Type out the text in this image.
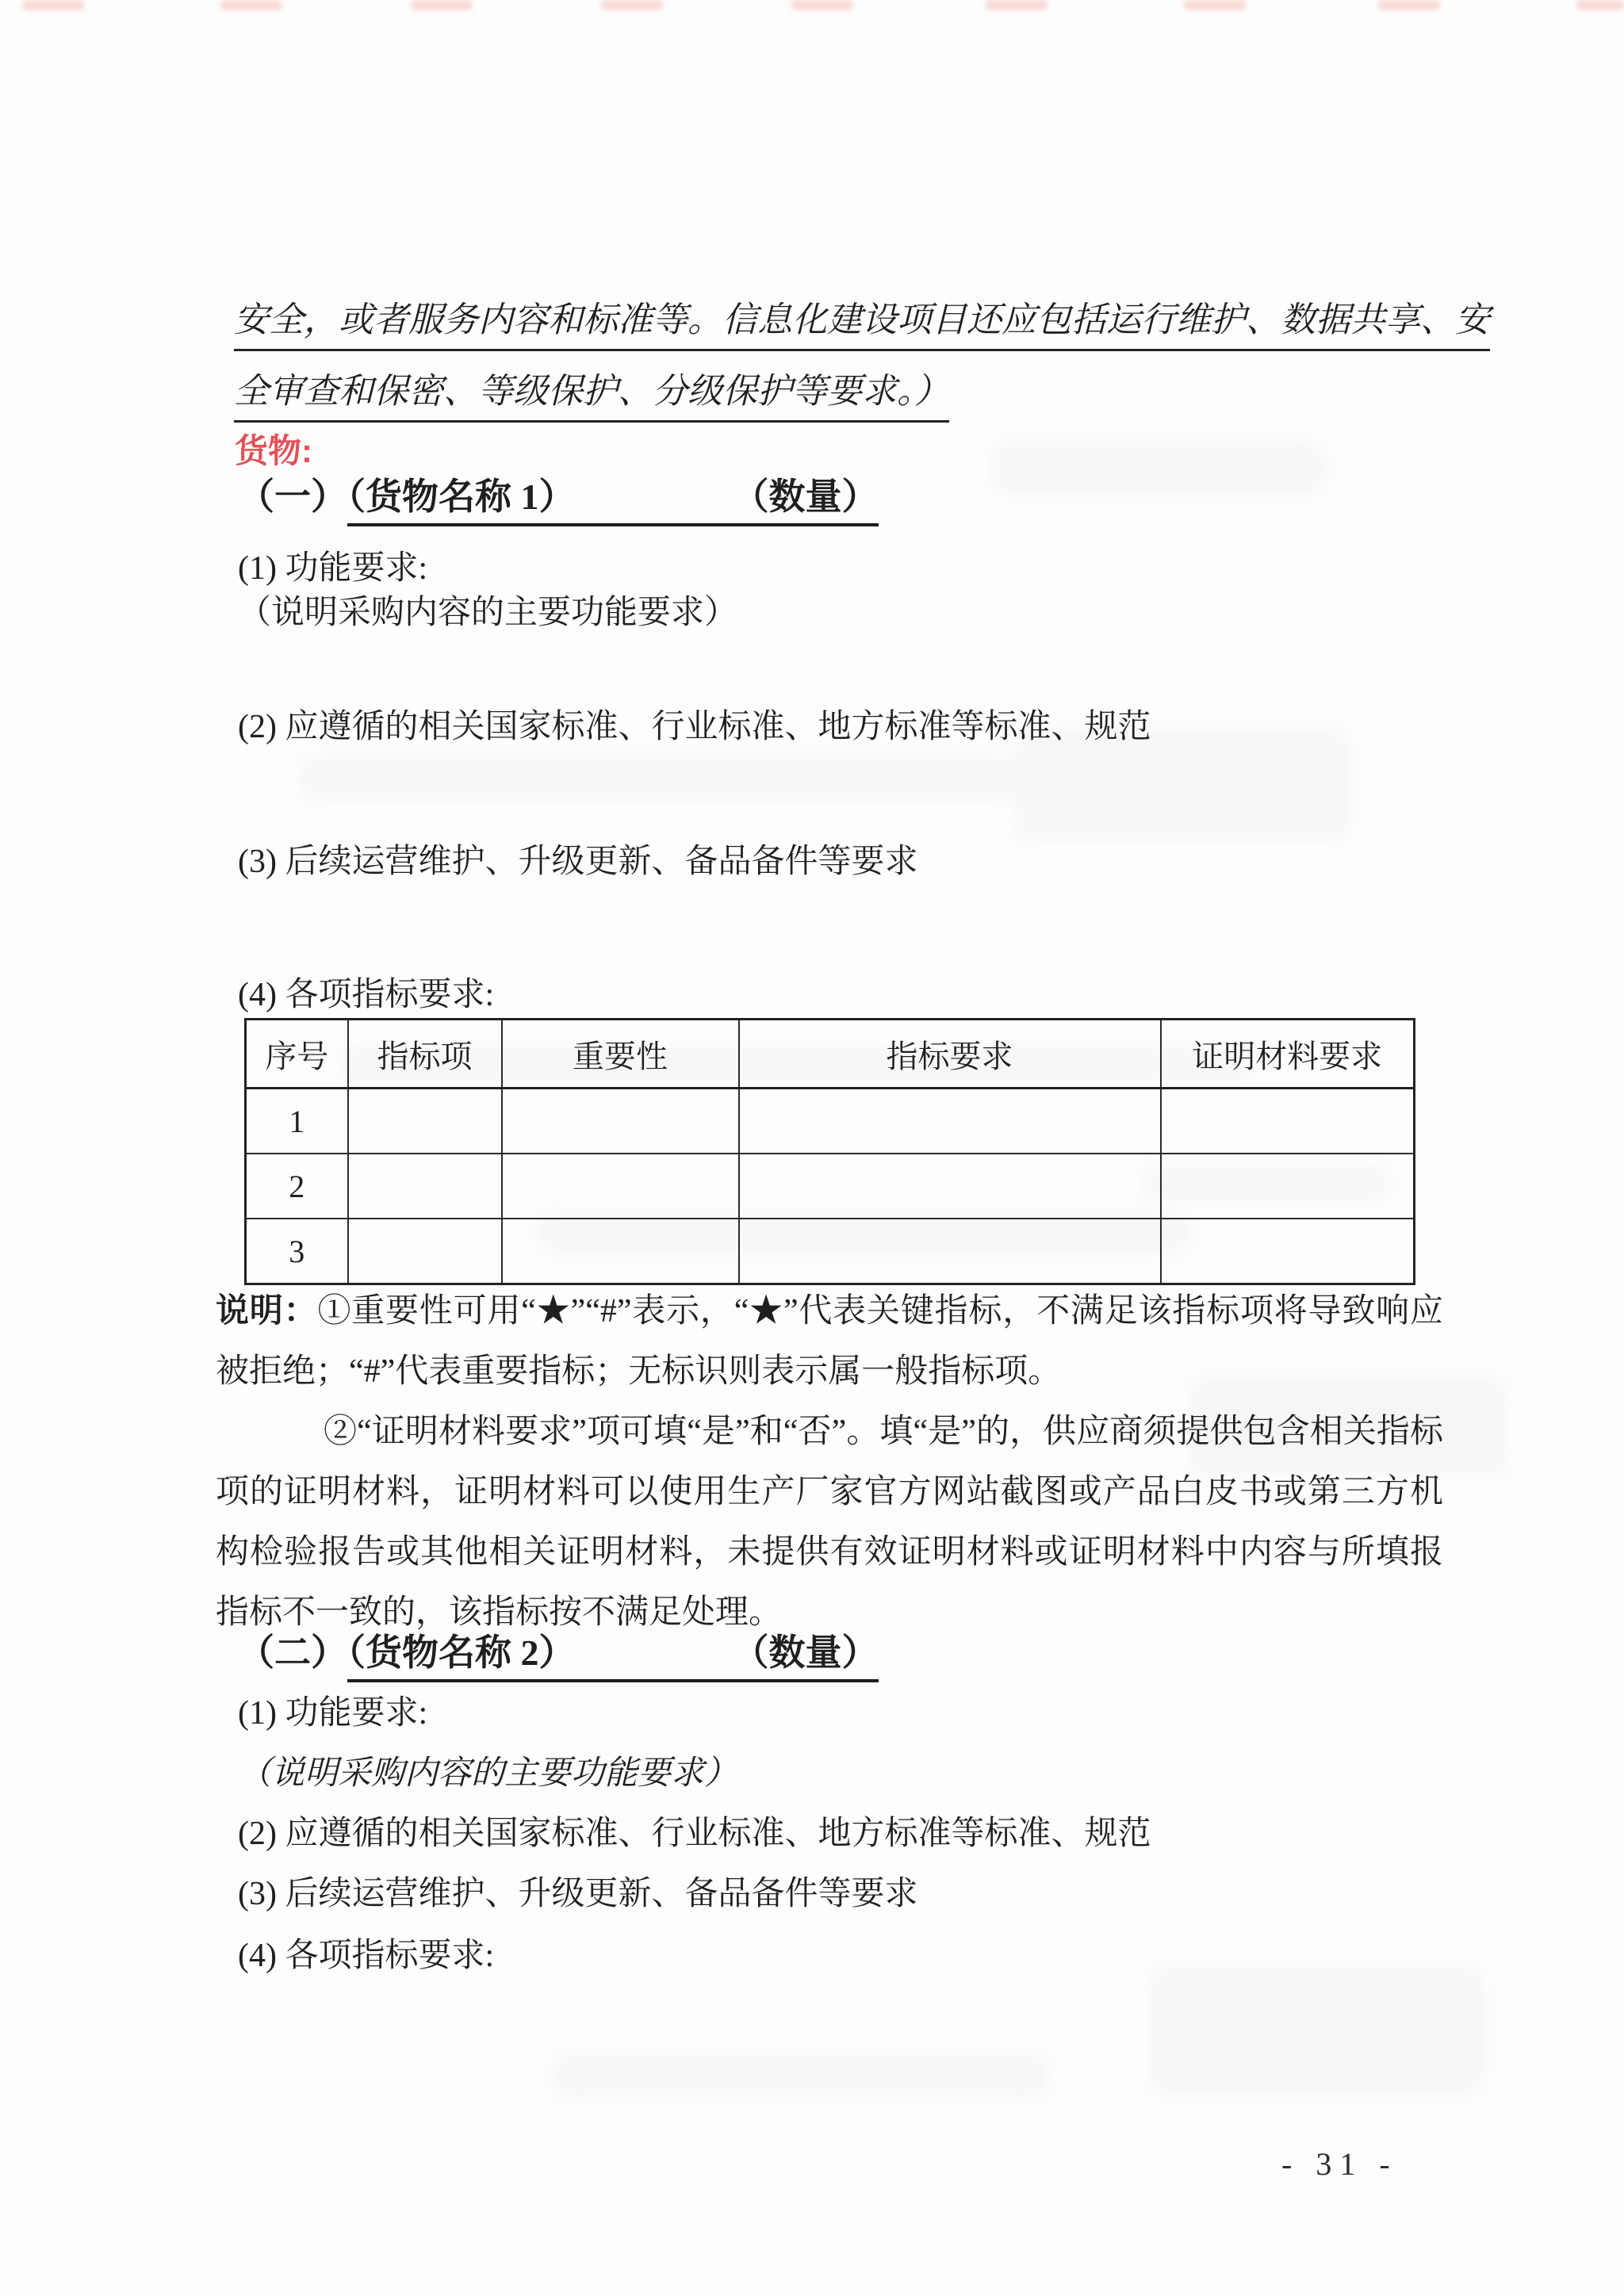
安全，或者服务内容和标准等。信息化建设项目还应包括运行维护、数据共享、安
全审查和保密、等级保护、分级保护等要求。）
货物:
（一）（货物名称 1）	（数量）
(1) 功能要求:
（说明采购内容的主要功能要求）
(2) 应遵循的相关国家标准、行业标准、地方标准等标准、规范
(3) 后续运营维护、升级更新、备品备件等要求
(4) 各项指标要求:
序号	指标项	重要性	指标要求	证明材料要求
1				
2				
3				

说明：①重要性可用“★”“#”表示，“★”代表关键指标，不满足该指标项将导致响应被拒绝；“#”代表重要指标；无标识则表示属一般指标项。

②“证明材料要求”项可填“是”和“否”。填“是”的，供应商须提供包含相关指标项的证明材料，证明材料可以使用生产厂家官方网站截图或产品白皮书或第三方机构检验报告或其他相关证明材料，未提供有效证明材料或证明材料中内容与所填报指标不一致的，该指标按不满足处理。

（二）（货物名称 2）	（数量）
(1) 功能要求:
（说明采购内容的主要功能要求）
(2) 应遵循的相关国家标准、行业标准、地方标准等标准、规范
(3) 后续运营维护、升级更新、备品备件等要求
(4) 各项指标要求:
- 31 -
